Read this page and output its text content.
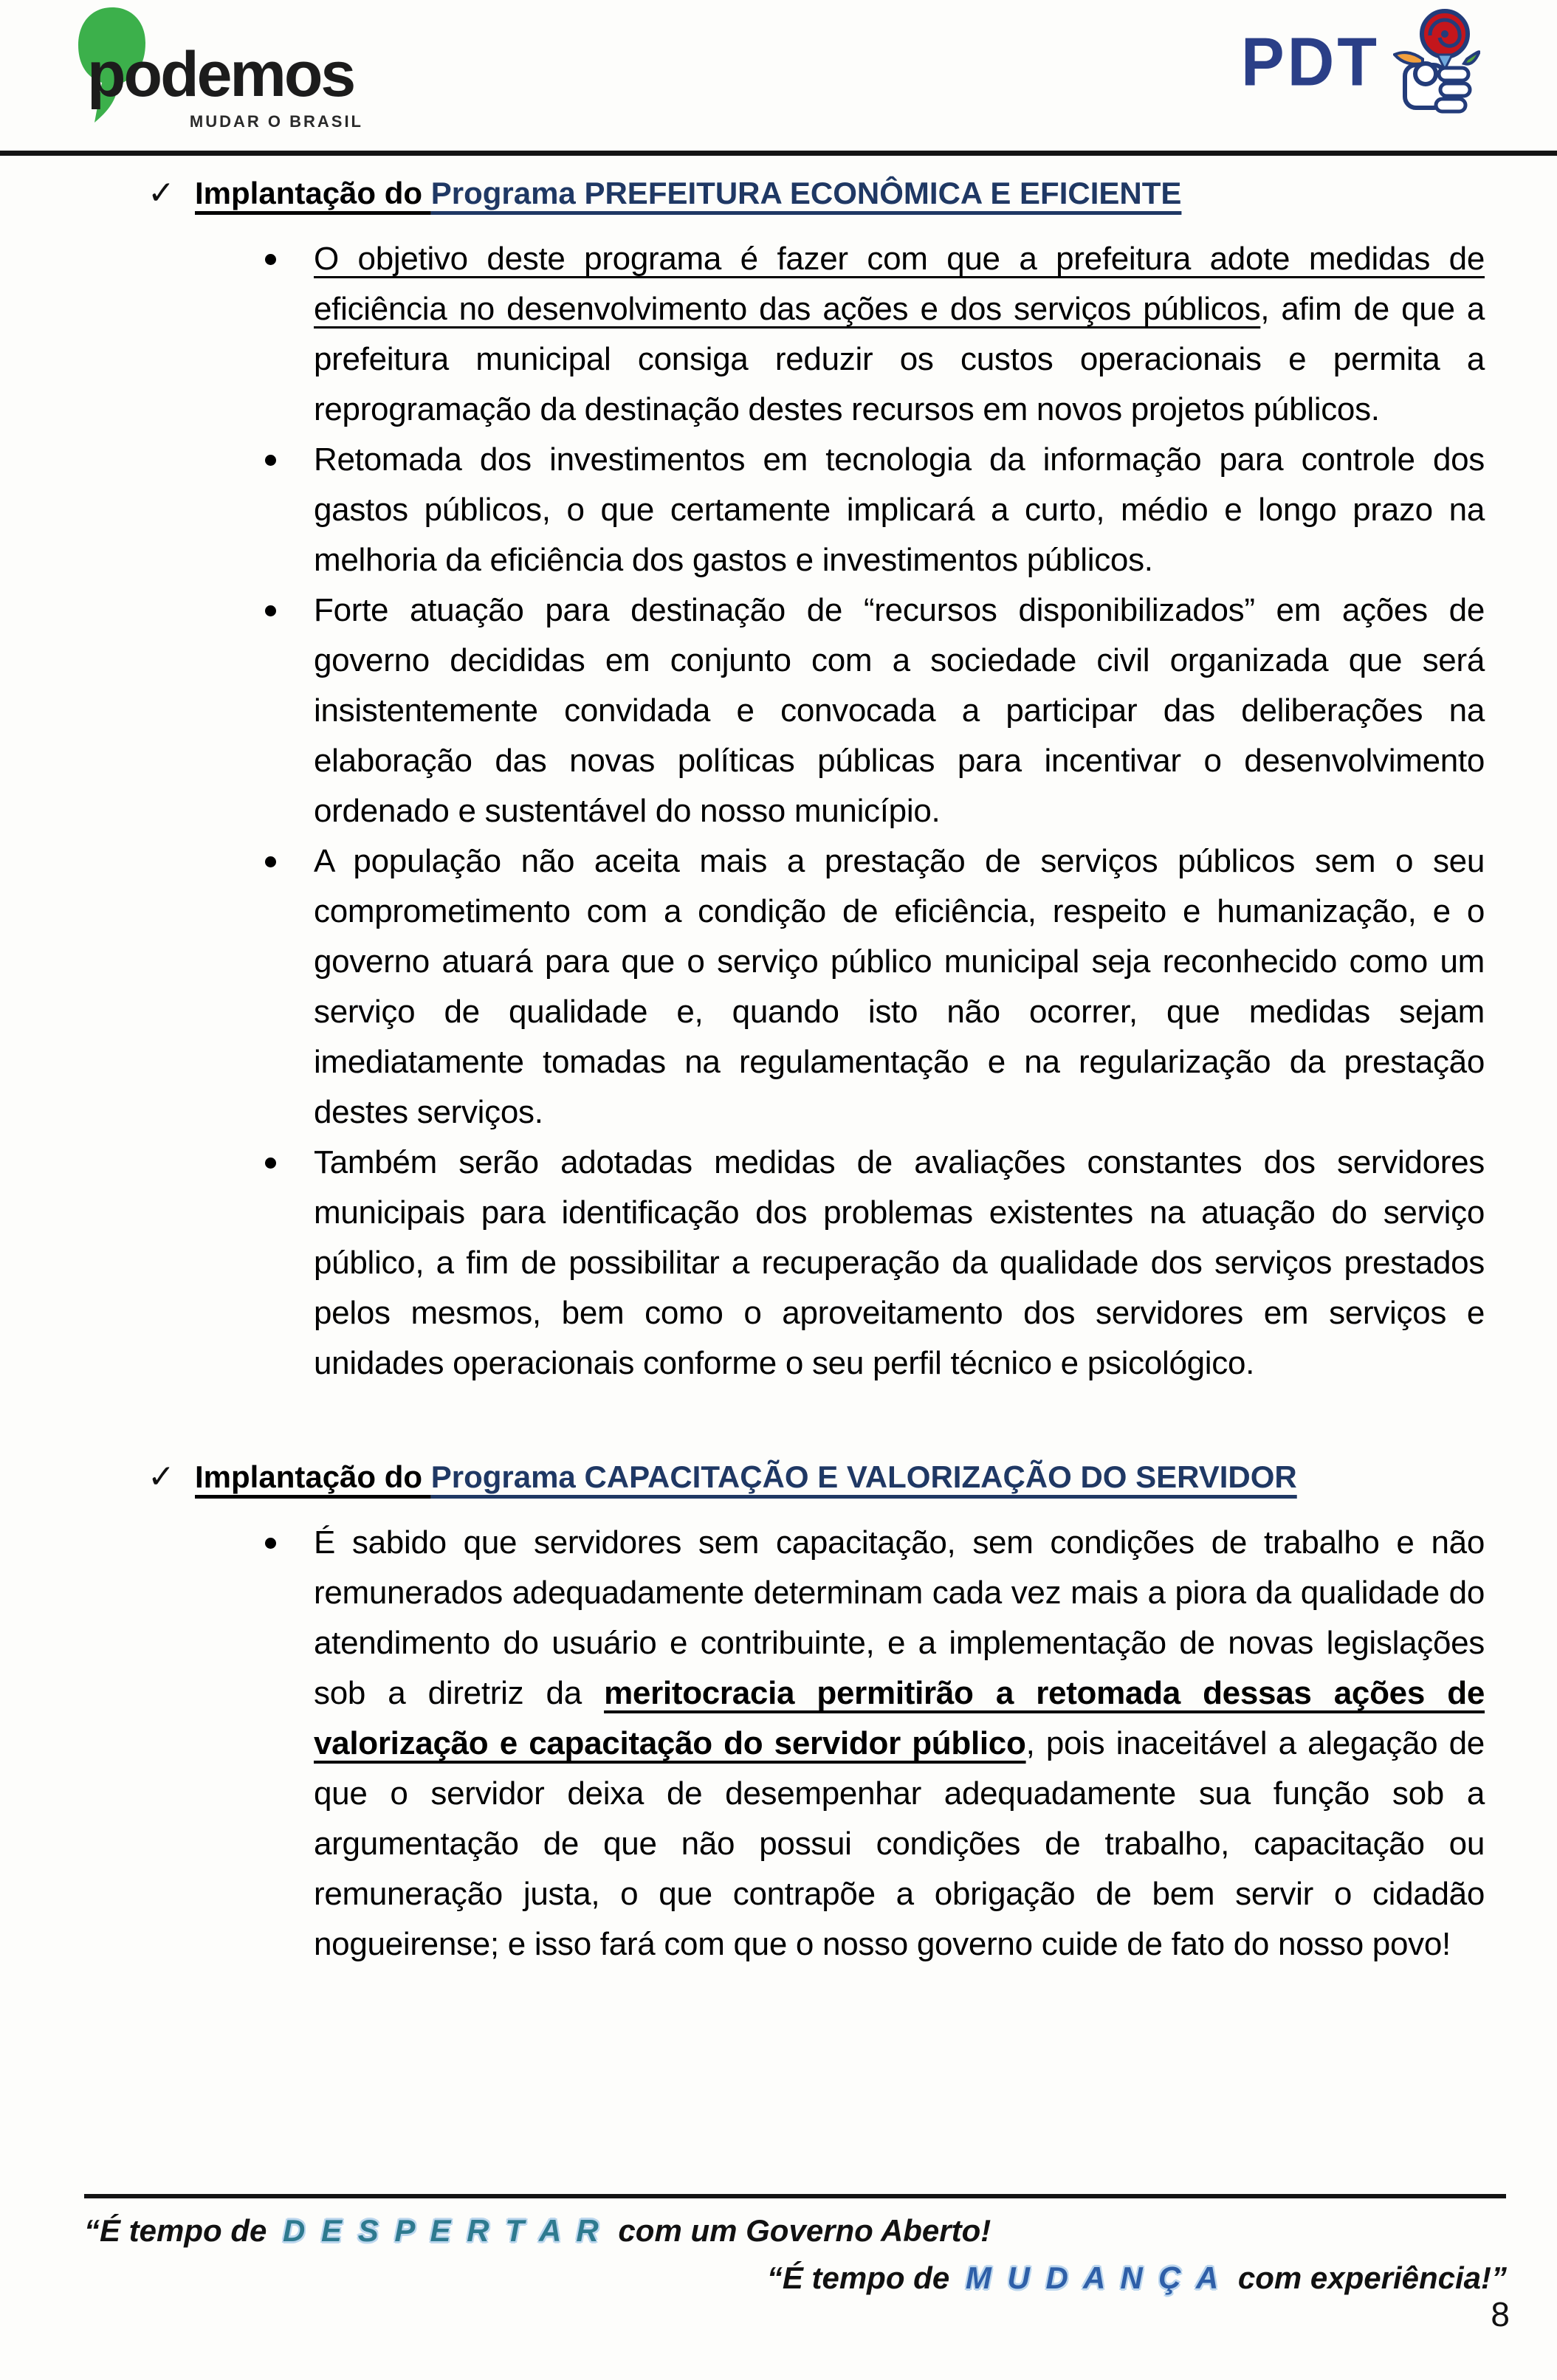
podemos
MUDAR O BRASIL
PDT
✓ Implantação do Programa PREFEITURA ECONÔMICA E EFICIENTE
O objetivo deste programa é fazer com que a prefeitura adote medidas de eficiência no desenvolvimento das ações e dos serviços públicos, afim de que a prefeitura municipal consiga reduzir os custos operacionais e permita a reprogramação da destinação destes recursos em novos projetos públicos.
Retomada dos investimentos em tecnologia da informação para controle dos gastos públicos, o que certamente implicará a curto, médio e longo prazo na melhoria da eficiência dos gastos e investimentos públicos.
Forte atuação para destinação de “recursos disponibilizados” em ações de governo decididas em conjunto com a sociedade civil organizada que será insistentemente convidada e convocada a participar das deliberações na elaboração das novas políticas públicas para incentivar o desenvolvimento ordenado e sustentável do nosso município.
A população não aceita mais a prestação de serviços públicos sem o seu comprometimento com a condição de eficiência, respeito e humanização, e o governo atuará para que o serviço público municipal seja reconhecido como um serviço de qualidade e, quando isto não ocorrer, que medidas sejam imediatamente tomadas na regulamentação e na regularização da prestação destes serviços.
Também serão adotadas medidas de avaliações constantes dos servidores municipais para identificação dos problemas existentes na atuação do serviço público, a fim de possibilitar a recuperação da qualidade dos serviços prestados pelos mesmos, bem como o aproveitamento dos servidores em serviços e unidades operacionais conforme o seu perfil técnico e psicológico.
✓ Implantação do Programa CAPACITAÇÃO E VALORIZAÇÃO DO SERVIDOR
É sabido que servidores sem capacitação, sem condições de trabalho e não remunerados adequadamente determinam cada vez mais a piora da qualidade do atendimento do usuário e contribuinte, e a implementação de novas legislações sob a diretriz da meritocracia permitirão a retomada dessas ações de valorização e capacitação do servidor público, pois inaceitável a alegação de que o servidor deixa de desempenhar adequadamente sua função sob a argumentação de que não possui condições de trabalho, capacitação ou remuneração justa, o que contrapõe a obrigação de bem servir o cidadão nogueirense; e isso fará com que o nosso governo cuide de fato do nosso povo!
“É tempo de D E S P E R T A R com um Governo Aberto!
“É tempo de M U D A N Ç A com experiência!”
8
